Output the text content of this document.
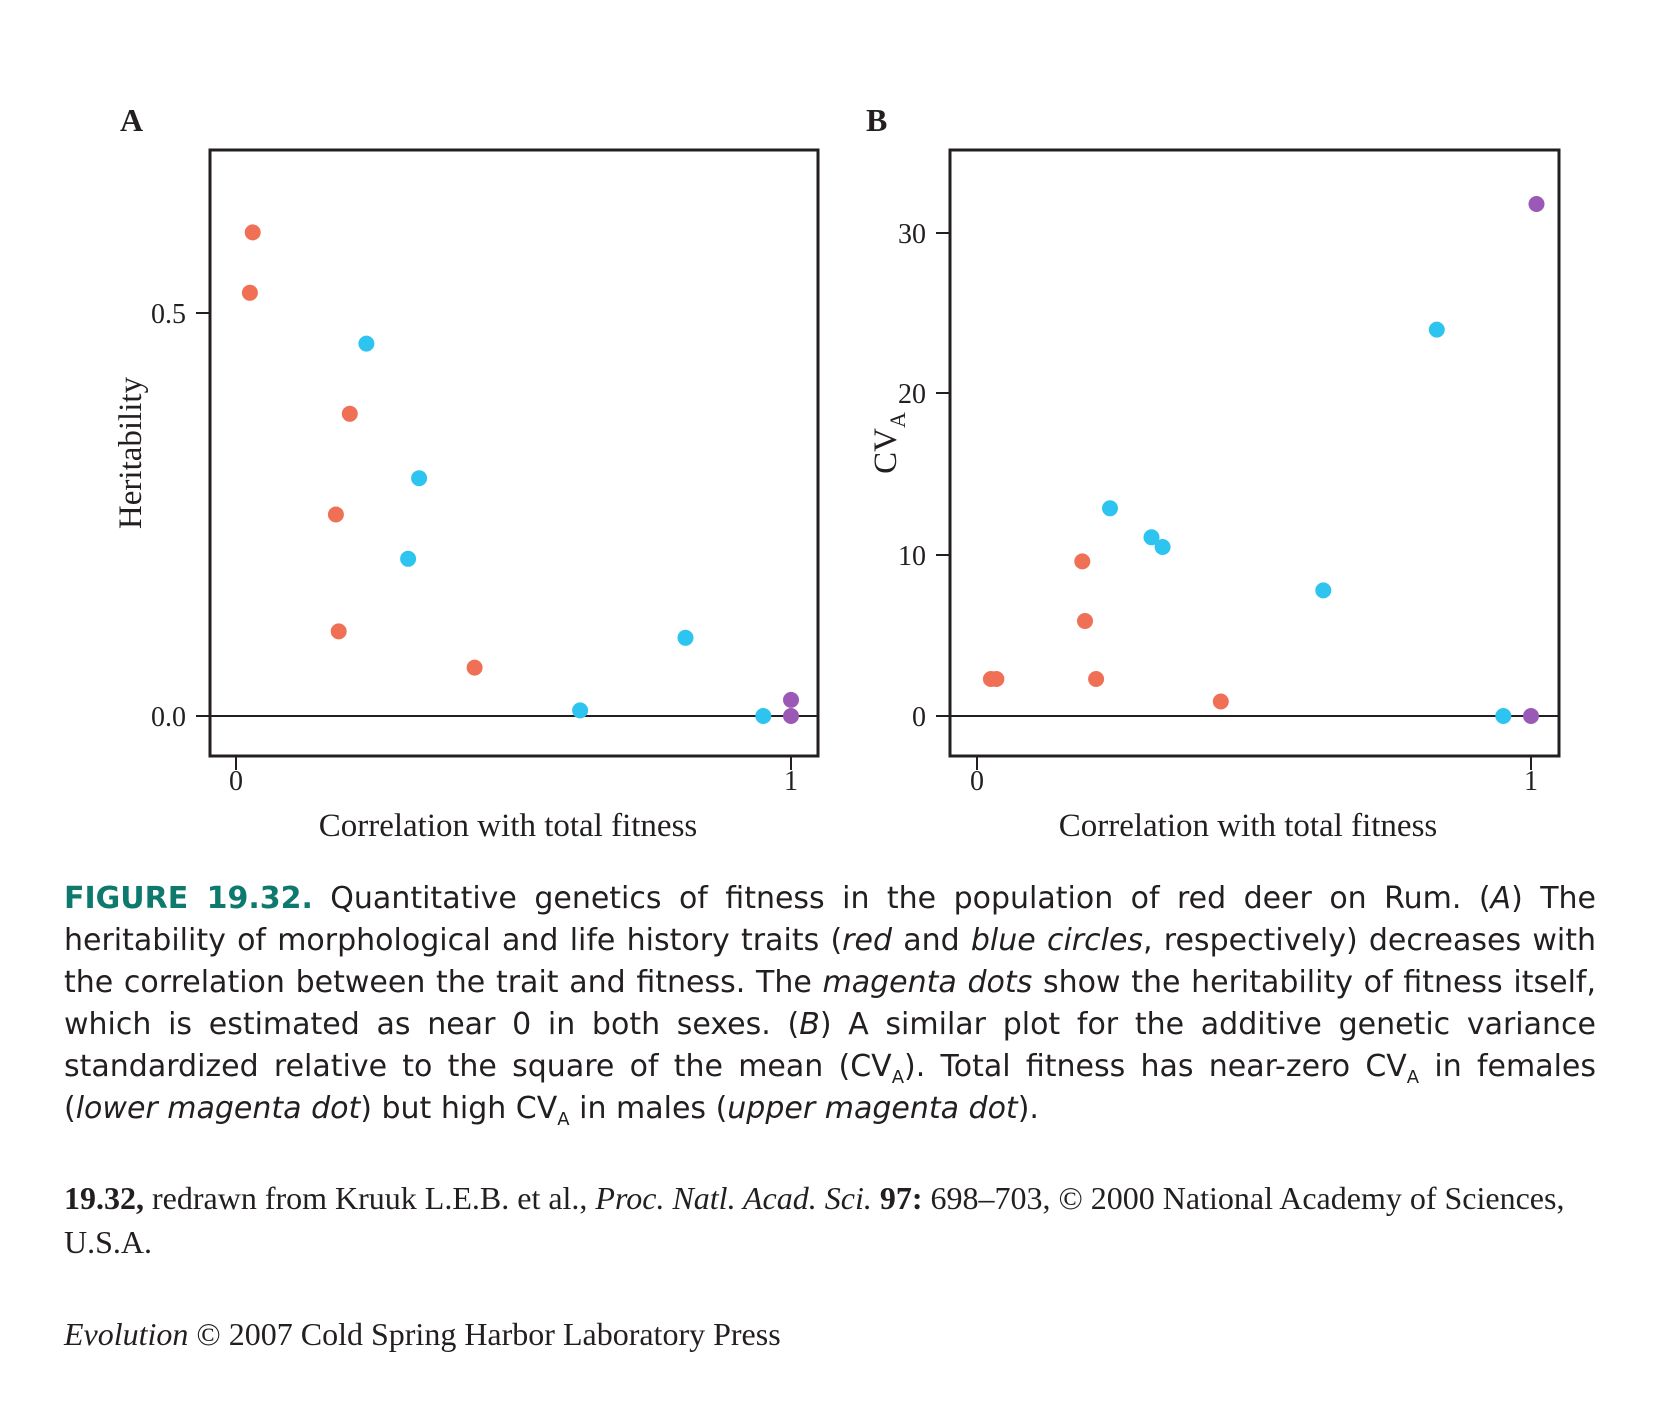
A
0.0
0.5
0	1
Correlation with total fitness
Heritability
B
0
10
20
30
0	1
Correlation with total fitness
$CV_A$
FIGURE 19.32. Quantitative genetics of fitness in the population of red deer on Rum. (A) The heritability of morphological and life history traits (red and blue circles, respectively) decreases with the correlation between the trait and fitness. The magenta dots show the heritability of fitness itself, which is estimated as near 0 in both sexes. (B) A similar plot for the additive genetic variance standardized relative to the square of the mean $(CV_A)$. Total fitness has near-zero $CV_A$ in females (lower magenta dot) but high $CV_A$ in males (upper magenta dot).
19.32, redrawn from Kruuk L.E.B. et al., Proc. Natl. Acad. Sci. 97: 698–703, © 2000 National Academy of Sciences, U.S.A.
Evolution © 2007 Cold Spring Harbor Laboratory Press
